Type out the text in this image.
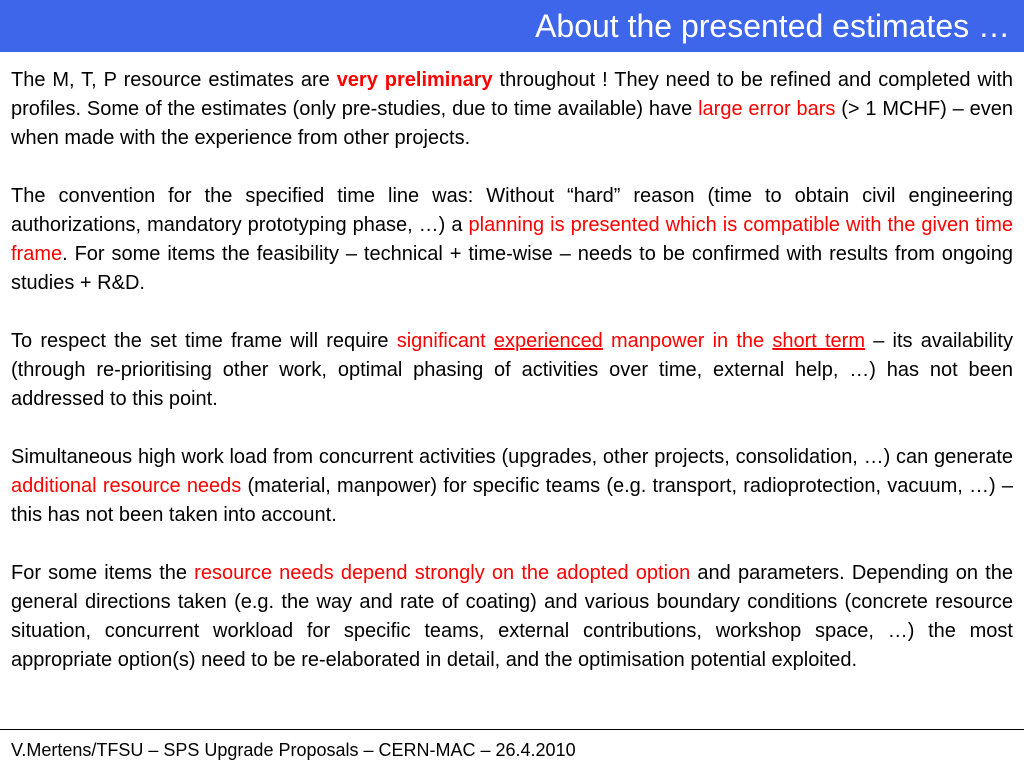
About the presented estimates …

The M, T, P resource estimates are very preliminary throughout ! They need to be refined and completed with profiles. Some of the estimates (only pre-studies, due to time available) have large error bars (> 1 MCHF) – even when made with the experience from other projects.

The convention for the specified time line was: Without “hard” reason (time to obtain civil engineering authorizations, mandatory prototyping phase, …) a planning is presented which is compatible with the given time frame. For some items the feasibility – technical + time-wise – needs to be confirmed with results from ongoing studies + R&D.

To respect the set time frame will require significant experienced manpower in the short term – its availability (through re-prioritising other work, optimal phasing of activities over time, external help, …) has not been addressed to this point.

Simultaneous high work load from concurrent activities (upgrades, other projects, consolidation, …) can generate additional resource needs (material, manpower) for specific teams (e.g. transport, radioprotection, vacuum, …) – this has not been taken into account.

For some items the resource needs depend strongly on the adopted option and parameters. Depending on the general directions taken (e.g. the way and rate of coating) and various boundary conditions (concrete resource situation, concurrent workload for specific teams, external contributions, workshop space, …) the most appropriate option(s) need to be re-elaborated in detail, and the optimisation potential exploited.

V.Mertens/TFSU – SPS Upgrade Proposals – CERN-MAC – 26.4.2010
